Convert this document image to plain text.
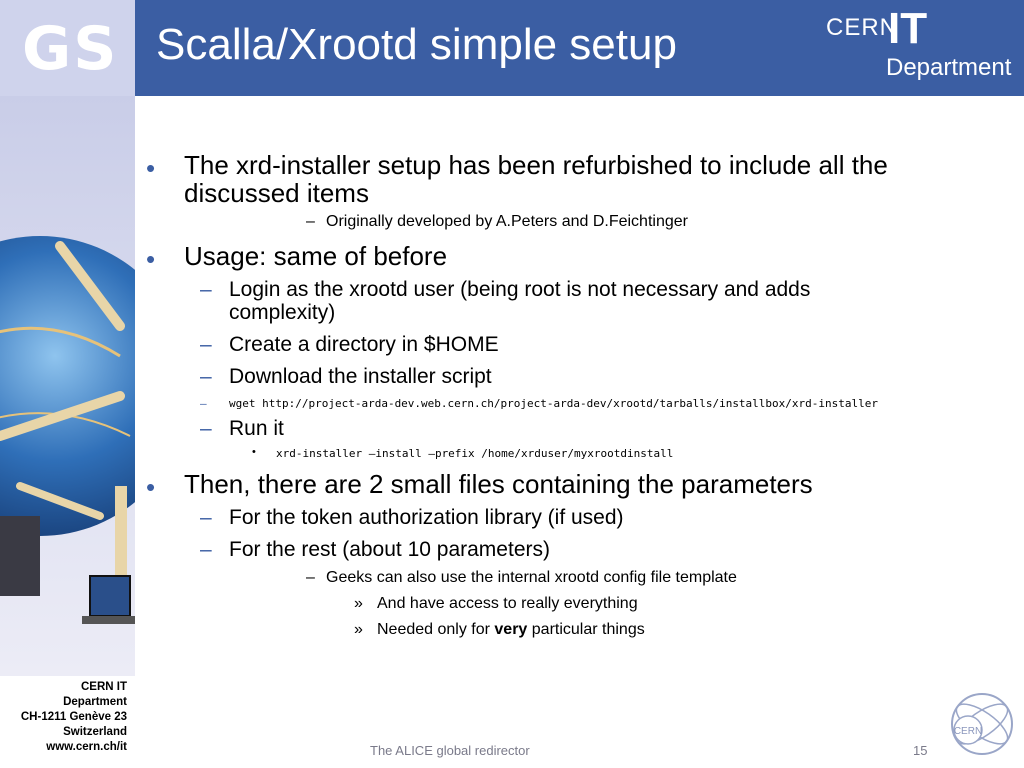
GS
CERN IT
Department
CH-1211 Genève 23
Switzerland
www.cern.ch/it
Scalla/Xrootd simple setup	CERN
IT
Department
• The xrd-installer setup has been refurbished to include all the
discussed items
– Originally developed by A.Peters and D.Feichtinger
• Usage: same of before
– Login as the xrootd user (being root is not necessary and adds
complexity)
– Create a directory in $HOME
– Download the installer script
– wget http://project-arda-dev.web.cern.ch/project-arda-dev/xrootd/tarballs/installbox/xrd-installer
– Run it
• xrd-installer –install –prefix /home/xrduser/myxrootdinstall
• Then, there are 2 small files containing the parameters
– For the token authorization library (if used)
– For the rest (about 10 parameters)
– Geeks can also use the internal xrootd config file template
» And have access to really everything
» Needed only for very particular things
The ALICE global redirector	15
CERN
